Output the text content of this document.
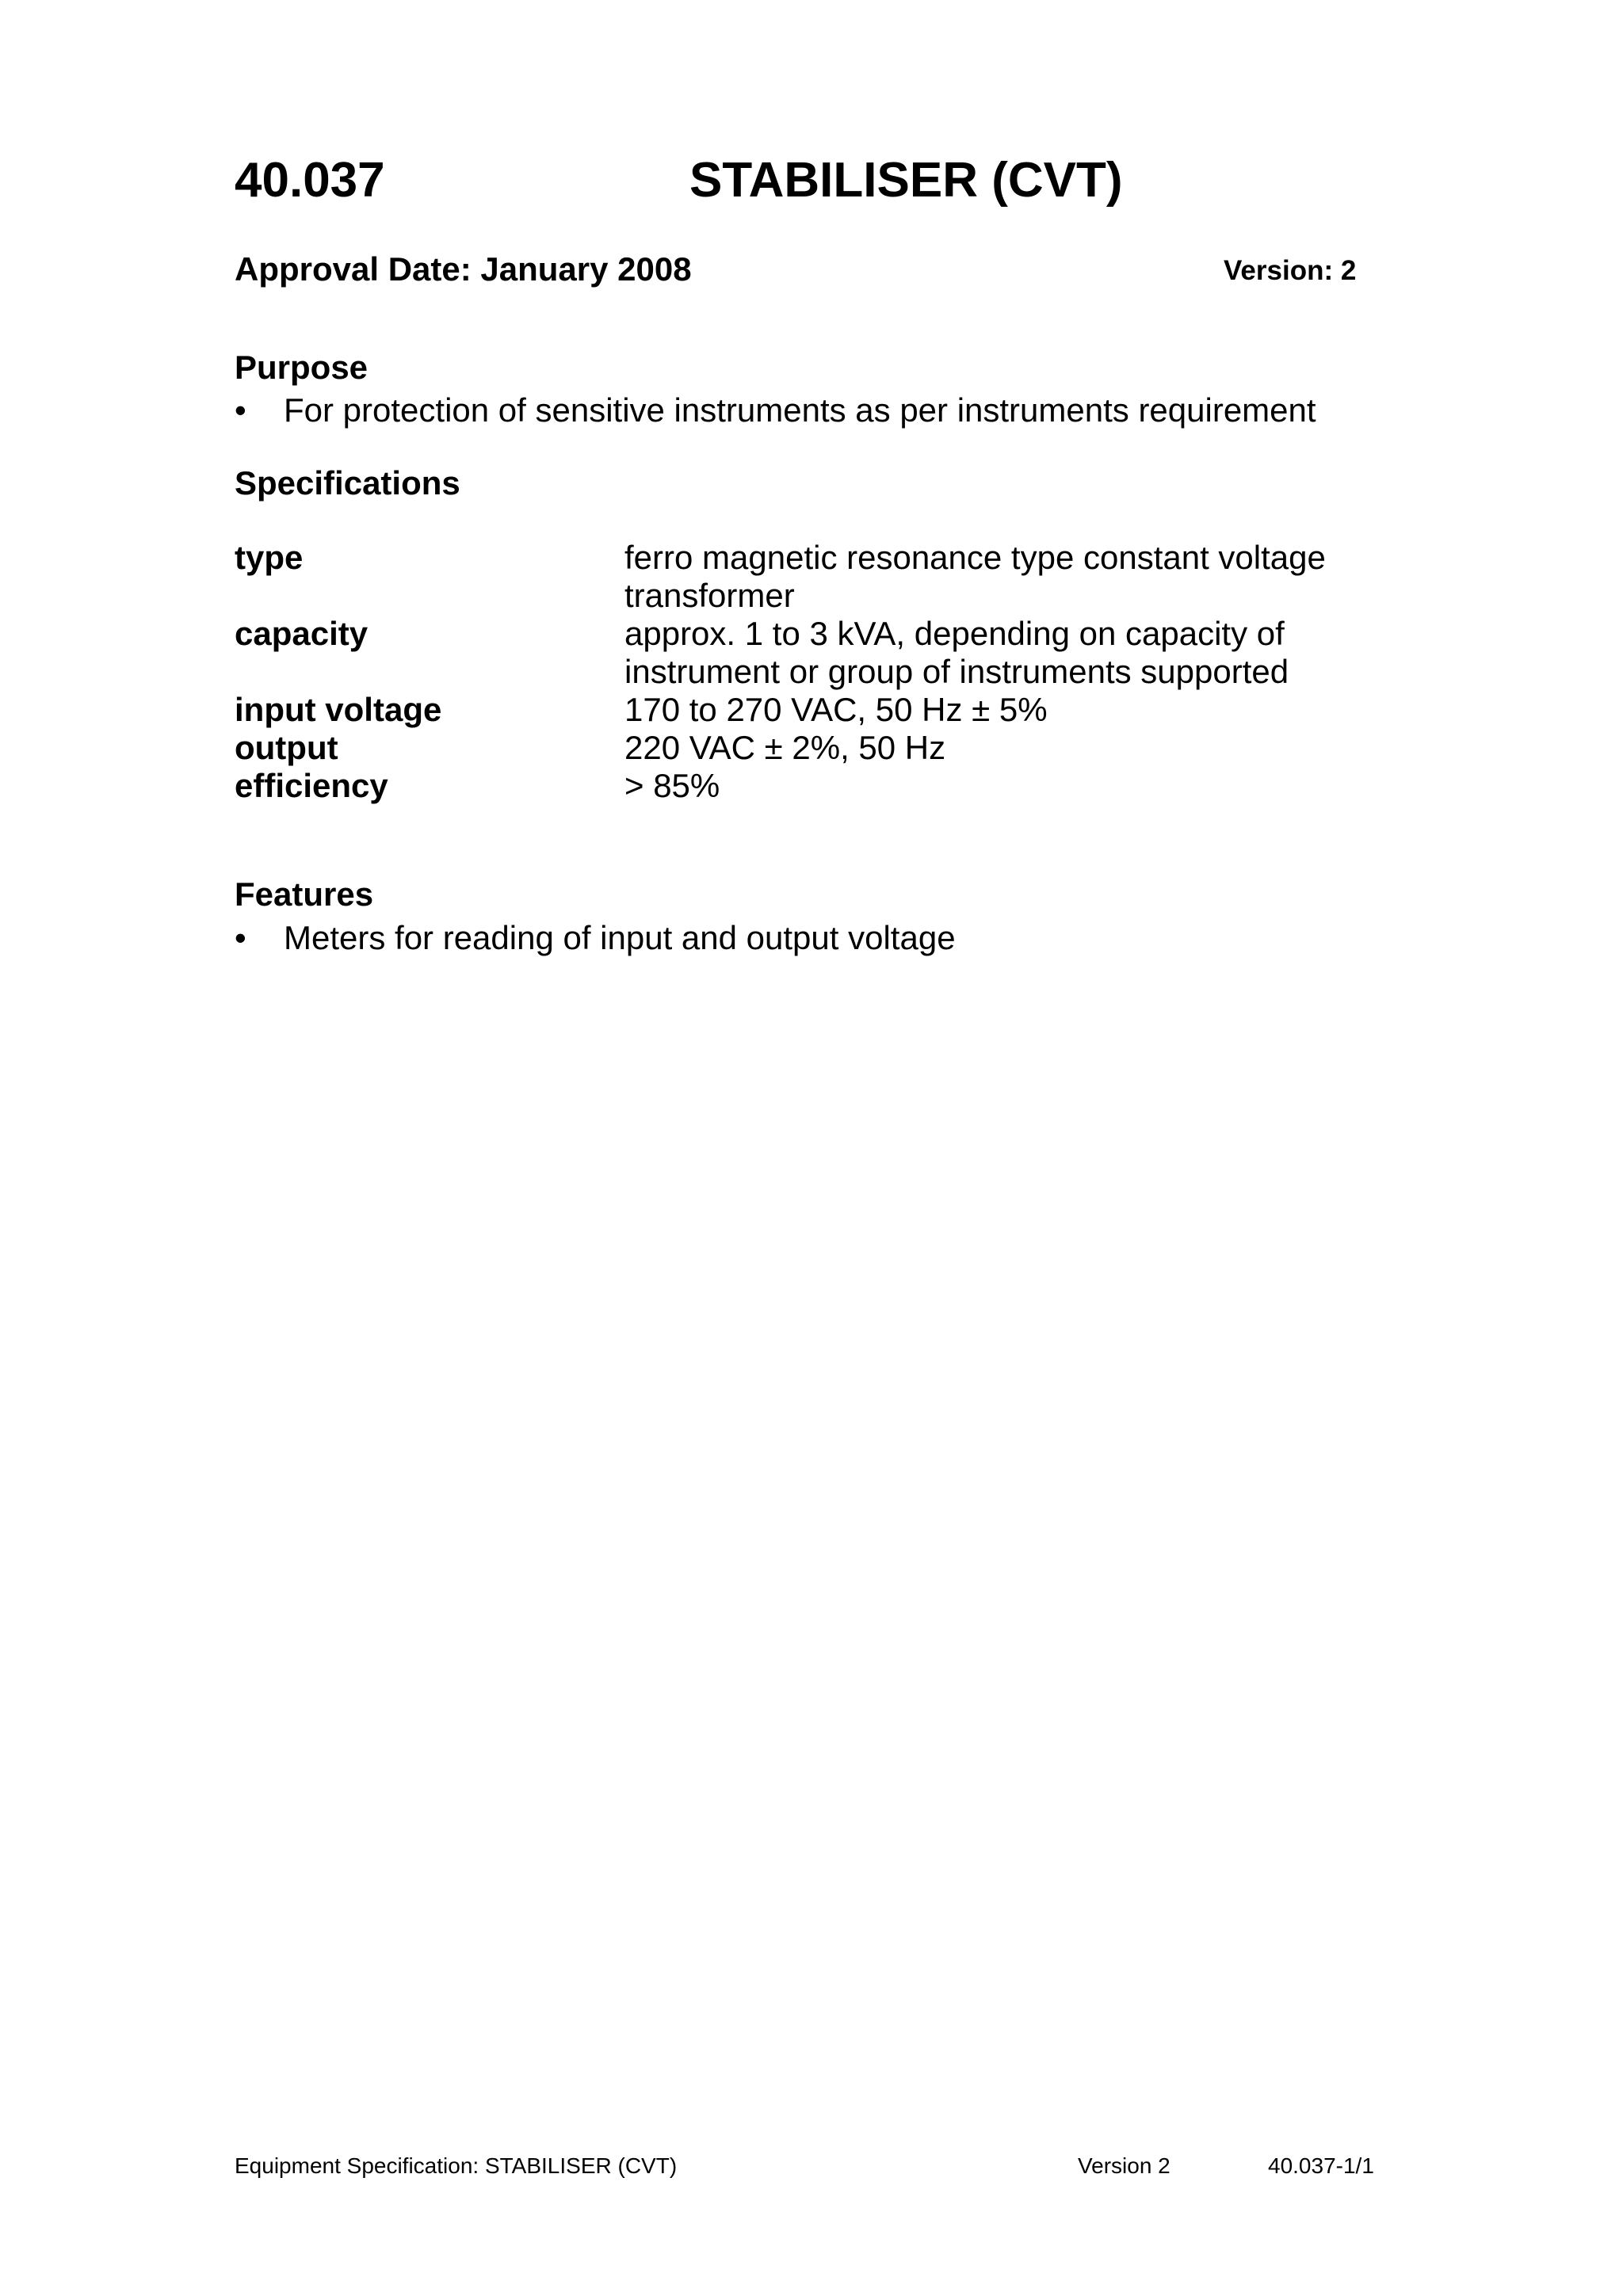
40.037	STABILISER (CVT)
Approval Date: January 2008	Version: 2
Purpose
•	For protection of sensitive instruments as per instruments requirement
Specifications
type	ferro magnetic resonance type constant voltage
transformer
capacity	approx. 1 to 3 kVA, depending on capacity of
instrument or group of instruments supported
input voltage	170 to 270 VAC, 50 Hz ± 5%
output	220 VAC ± 2%, 50 Hz
efficiency	> 85%
Features
•	Meters for reading of input and output voltage
Equipment Specification: STABILISER (CVT)	Version 2	40.037-1/1
